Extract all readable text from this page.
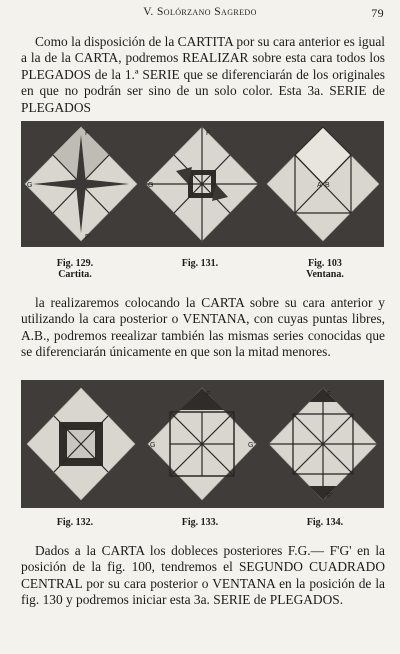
V. Solórzano Sagredo	79

Como la disposición de la CARTITA por su cara anterior es igual a la de la CARTA, podremos REALIZAR sobre esta cara todos los PLEGADOS de la 1.ª SERIE que se diferenciarán de los originales en que no podrán ser sino de un solo color. Esta 3a. SERIE de PLEGADOS

F
G
F'
F
G	A B
Fig. 129.
Cartita.
Fig. 131.	Fig. 103
Ventana.

la realizaremos colocando la CARTA sobre su cara anterior y utilizando la cara posterior o VENTANA, con cuyas puntas libres, A.B., podremos reealizar también las mismas series conocidas que se diferenciarán únicamente en que son la mitad menores.

F
G	G'
F
F'
Fig. 132.	Fig. 133.	Fig. 134.

Dados a la CARTA los dobleces posteriores F.G.— F'G' en la posición de la fig. 100, tendremos el SEGUNDO CUADRADO CENTRAL por su cara posterior o VENTANA en la posición de la fig. 130 y podremos iniciar esta 3a. SERIE de PLEGADOS.
